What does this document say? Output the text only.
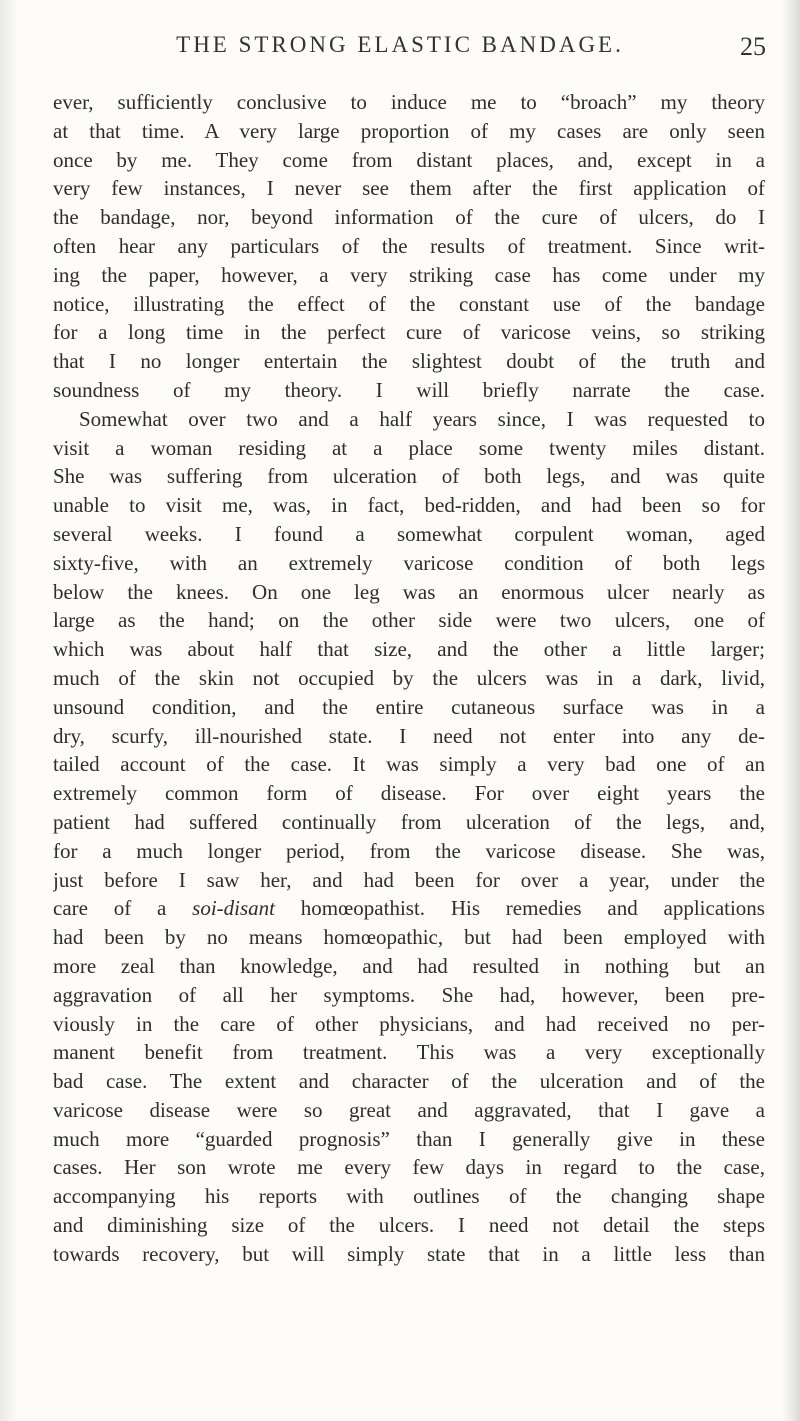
THE STRONG ELASTIC BANDAGE.	25
ever, sufficiently conclusive to induce me to “broach” my theory
at that time. A very large proportion of my cases are only seen
once by me. They come from distant places, and, except in a
very few instances, I never see them after the first application of
the bandage, nor, beyond information of the cure of ulcers, do I
often hear any particulars of the results of treatment. Since writ-
ing the paper, however, a very striking case has come under my
notice, illustrating the effect of the constant use of the bandage
for a long time in the perfect cure of varicose veins, so striking
that I no longer entertain the slightest doubt of the truth and
soundness of my theory. I will briefly narrate the case.
Somewhat over two and a half years since, I was requested to
visit a woman residing at a place some twenty miles distant.
She was suffering from ulceration of both legs, and was quite
unable to visit me, was, in fact, bed-ridden, and had been so for
several weeks. I found a somewhat corpulent woman, aged
sixty-five, with an extremely varicose condition of both legs
below the knees. On one leg was an enormous ulcer nearly as
large as the hand; on the other side were two ulcers, one of
which was about half that size, and the other a little larger;
much of the skin not occupied by the ulcers was in a dark, livid,
unsound condition, and the entire cutaneous surface was in a
dry, scurfy, ill-nourished state. I need not enter into any de-
tailed account of the case. It was simply a very bad one of an
extremely common form of disease. For over eight years the
patient had suffered continually from ulceration of the legs, and,
for a much longer period, from the varicose disease. She was,
just before I saw her, and had been for over a year, under the
care of a soi-disant homœopathist. His remedies and applications
had been by no means homœopathic, but had been employed with
more zeal than knowledge, and had resulted in nothing but an
aggravation of all her symptoms. She had, however, been pre-
viously in the care of other physicians, and had received no per-
manent benefit from treatment. This was a very exceptionally
bad case. The extent and character of the ulceration and of the
varicose disease were so great and aggravated, that I gave a
much more “guarded prognosis” than I generally give in these
cases. Her son wrote me every few days in regard to the case,
accompanying his reports with outlines of the changing shape
and diminishing size of the ulcers. I need not detail the steps
towards recovery, but will simply state that in a little less than
